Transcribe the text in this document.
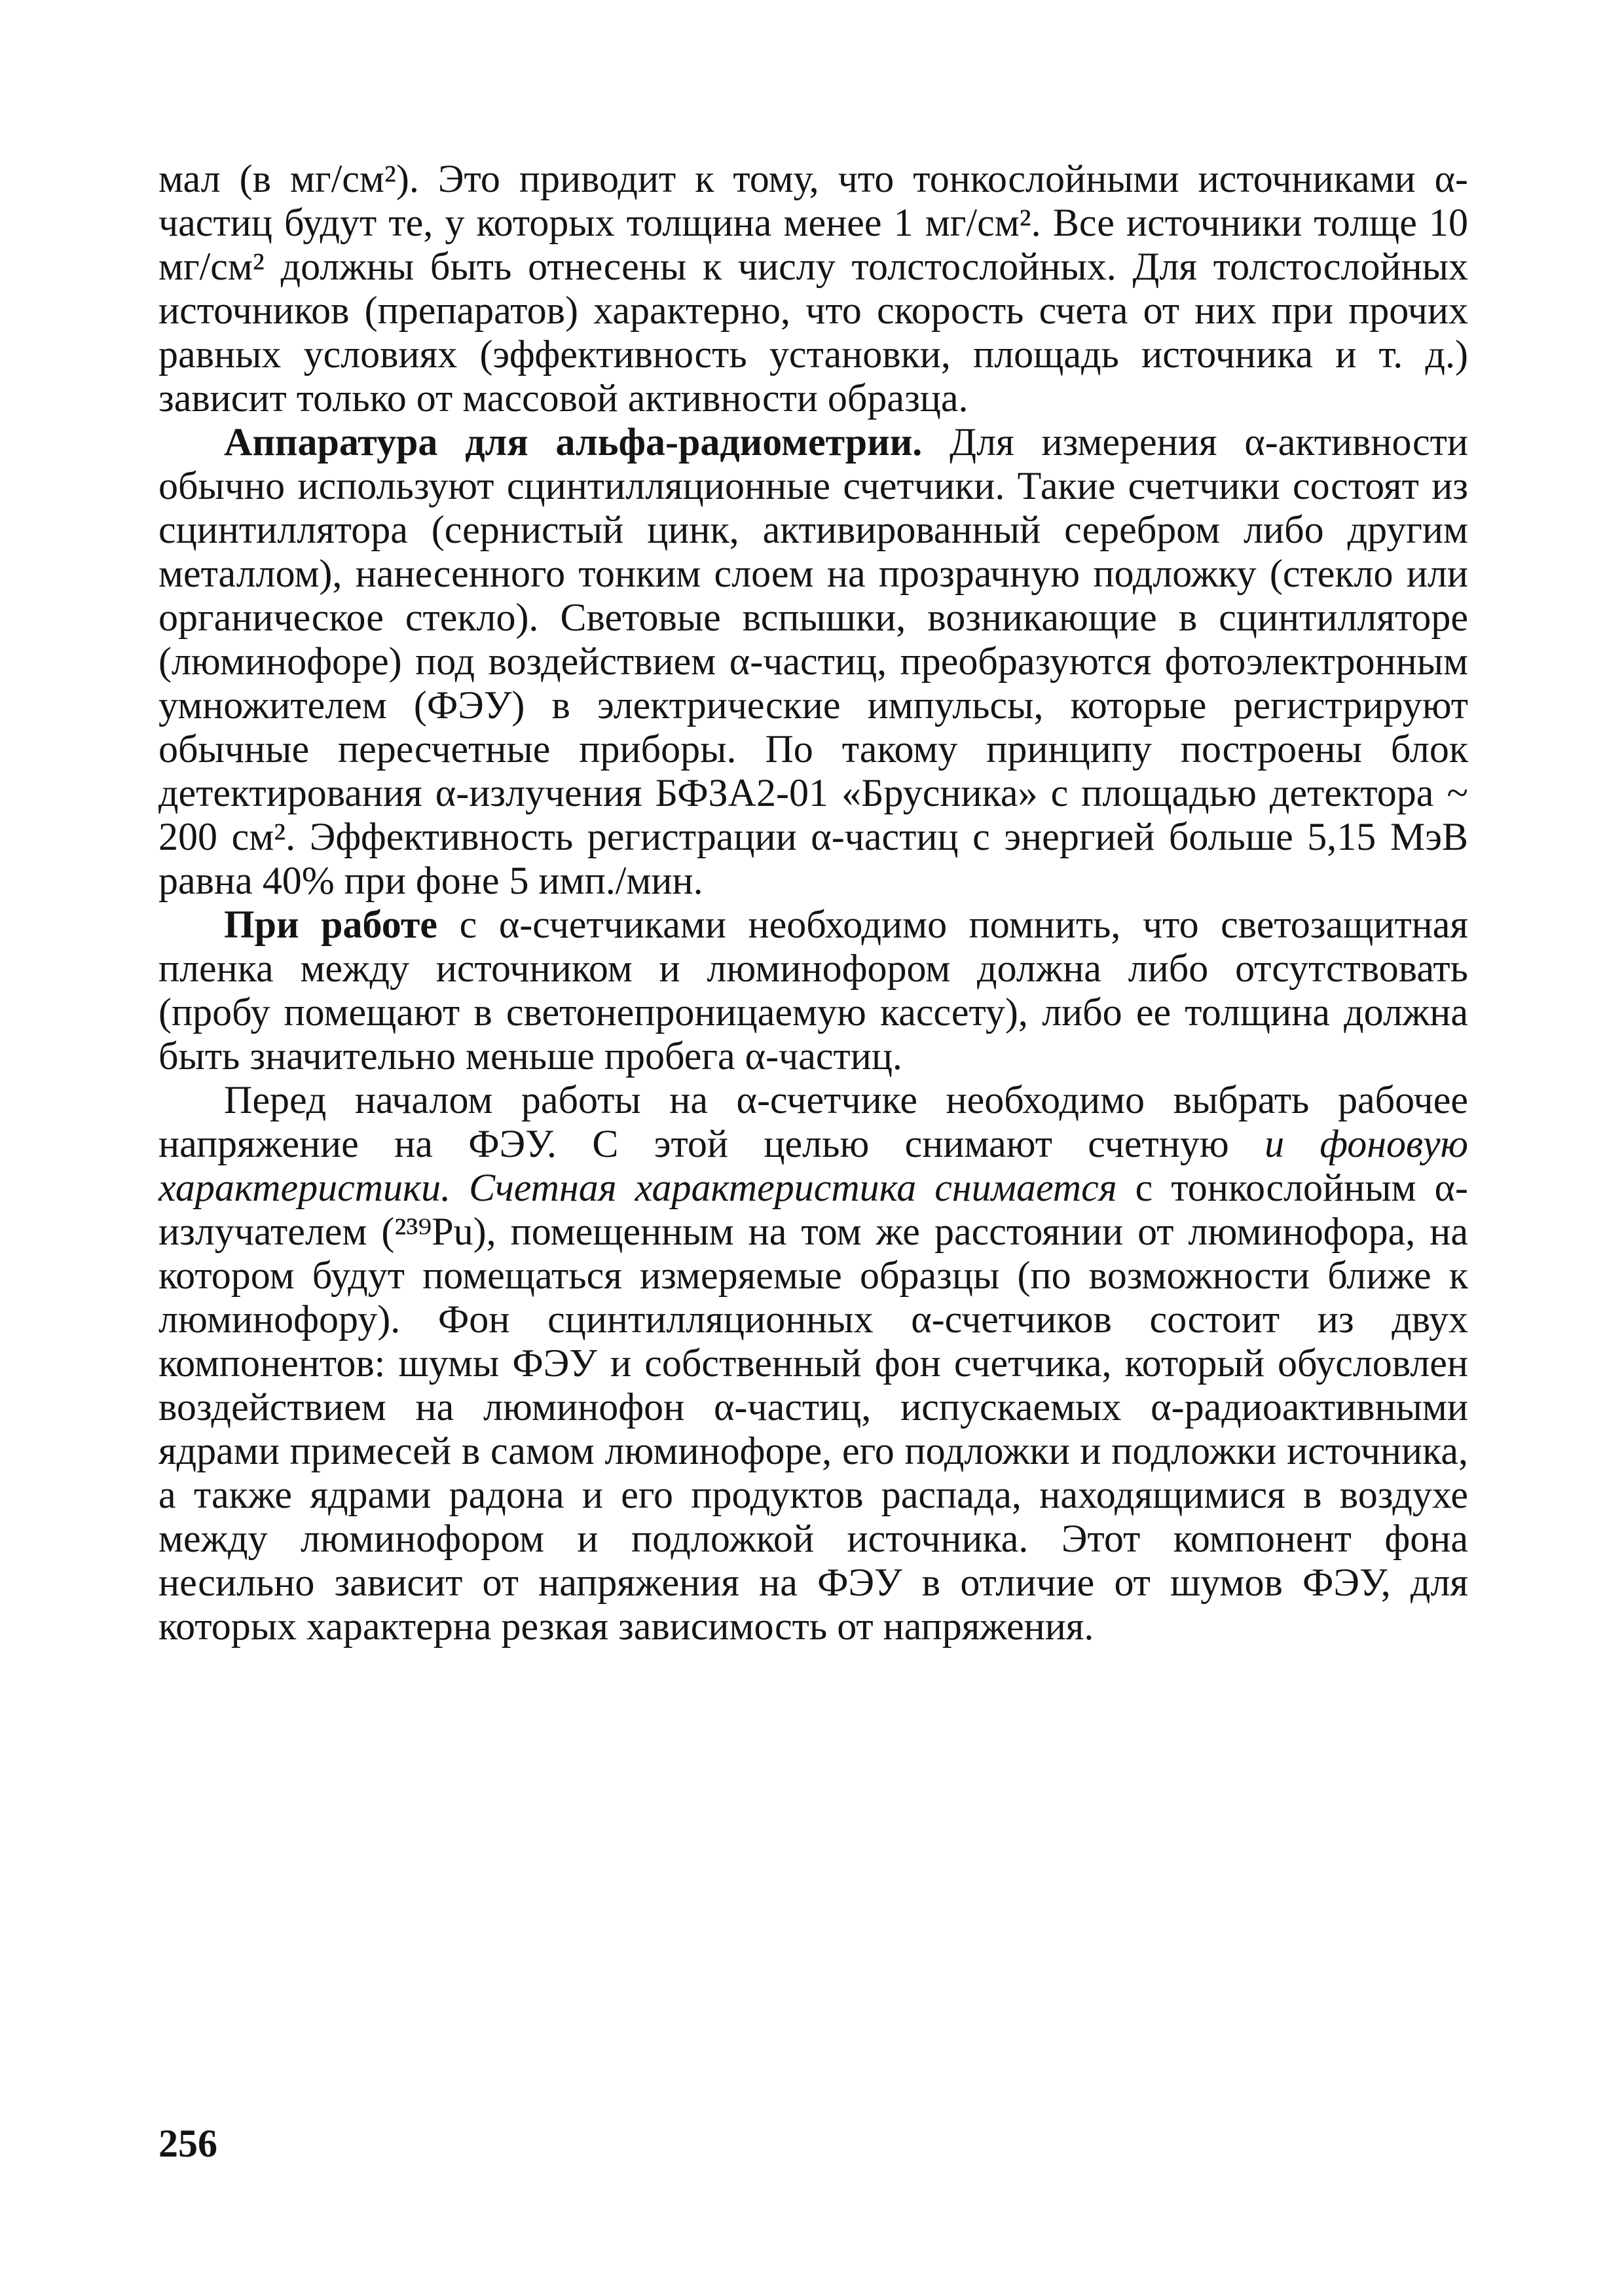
мал (в мг/см²). Это приводит к тому, что тонкослойными источниками α-частиц будут те, у которых толщина менее 1 мг/см². Все источники толще 10 мг/см² должны быть отнесены к числу толстослойных. Для толстослойных источников (препаратов) характерно, что скорость счета от них при прочих равных условиях (эффективность установки, площадь источника и т. д.) зависит только от массовой активности образца.

Аппаратура для альфа-радиометрии. Для измерения α-активности обычно используют сцинтилляционные счетчики. Такие счетчики состоят из сцинтиллятора (сернистый цинк, активированный серебром либо другим металлом), нанесенного тонким слоем на прозрачную подложку (стекло или органическое стекло). Световые вспышки, возникающие в сцинтилляторе (люминофоре) под воздействием α-частиц, преобразуются фотоэлектронным умножителем (ФЭУ) в электрические импульсы, которые регистрируют обычные пересчетные приборы. По такому принципу построены блок детектирования α-излучения БФЗА2-01 «Брусника» с площадью детектора ~ 200 см². Эффективность регистрации α-частиц с энергией больше 5,15 МэВ равна 40% при фоне 5 имп./мин.

При работе с α-счетчиками необходимо помнить, что светозащитная пленка между источником и люминофором должна либо отсутствовать (пробу помещают в светонепроницаемую кассету), либо ее толщина должна быть значительно меньше пробега α-частиц.

Перед началом работы на α-счетчике необходимо выбрать рабочее напряжение на ФЭУ. С этой целью снимают счетную и фоновую характеристики. Счетная характеристика снимается с тонкослойным α-излучателем (²³⁹Pu), помещенным на том же расстоянии от люминофора, на котором будут помещаться измеряемые образцы (по возможности ближе к люминофору). Фон сцинтилляционных α-счетчиков состоит из двух компонентов: шумы ФЭУ и собственный фон счетчика, который обусловлен воздействием на люминофон α-частиц, испускаемых α-радиоактивными ядрами примесей в самом люминофоре, его подложки и подложки источника, а также ядрами радона и его продуктов распада, находящимися в воздухе между люминофором и подложкой источника. Этот компонент фона несильно зависит от напряжения на ФЭУ в отличие от шумов ФЭУ, для которых характерна резкая зависимость от напряжения.

256
